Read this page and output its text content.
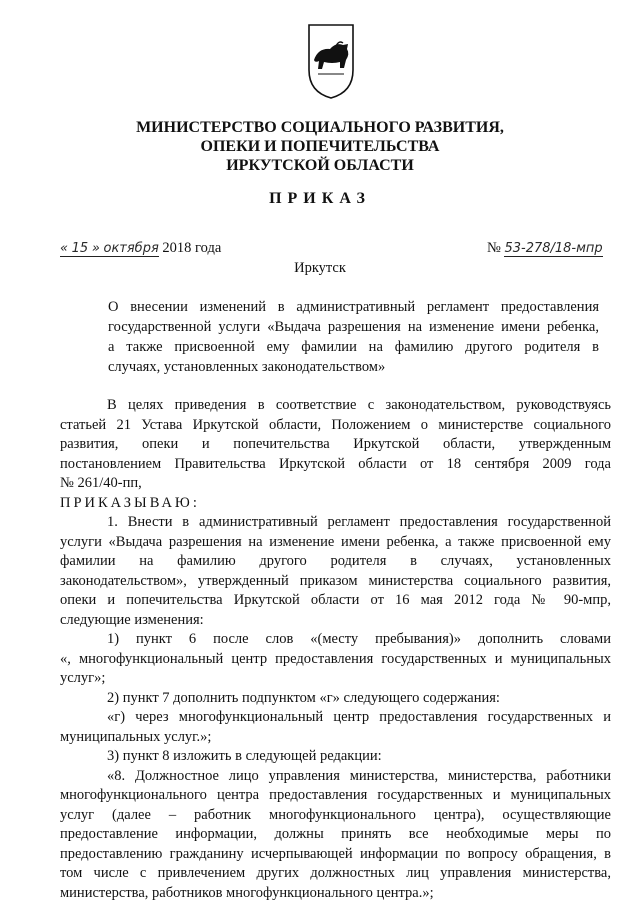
МИНИСТЕРСТВО СОЦИАЛЬНОГО РАЗВИТИЯ,
ОПЕКИ И ПОПЕЧИТЕЛЬСТВА
ИРКУТСКОЙ ОБЛАСТИ
ПРИКАЗ
« 15 » октября 2018 года	№ 53-278/18-мпр
Иркутск
О внесении изменений в административный регламент предоставления
государственной услуги «Выдача разрешения на изменение имени ребенка,
а также присвоенной ему фамилии на фамилию другого родителя в
случаях, установленных законодательством»

В целях приведения в соответствие с законодательством, руководствуясь

статьей 21 Устава Иркутской области, Положением о министерстве социального

развития, опеки и попечительства Иркутской области, утвержденным

постановлением Правительства Иркутской области от 18 сентября 2009 года

№ 261/40-пп,

ПРИКАЗЫВАЮ:

1. Внести в административный регламент предоставления государственной

услуги «Выдача разрешения на изменение имени ребенка, а также присвоенной ему

фамилии на фамилию другого родителя в случаях, установленных

законодательством», утвержденный приказом министерства социального развития,

опеки и попечительства Иркутской области от 16 мая 2012 года № 90-мпр,

следующие изменения:

1) пункт 6 после слов «(месту пребывания)» дополнить словами

«, многофункциональный центр предоставления государственных и муниципальных

услуг»;

2) пункт 7 дополнить подпунктом «г» следующего содержания:

«г) через многофункциональный центр предоставления государственных и

муниципальных услуг.»;

3) пункт 8 изложить в следующей редакции:

«8. Должностное лицо управления министерства, министерства, работники

многофункционального центра предоставления государственных и муниципальных

услуг (далее – работник многофункционального центра), осуществляющие

предоставление информации, должны принять все необходимые меры по

предоставлению гражданину исчерпывающей информации по вопросу обращения, в

том числе с привлечением других должностных лиц управления министерства,

министерства, работников многофункционального центра.»;
